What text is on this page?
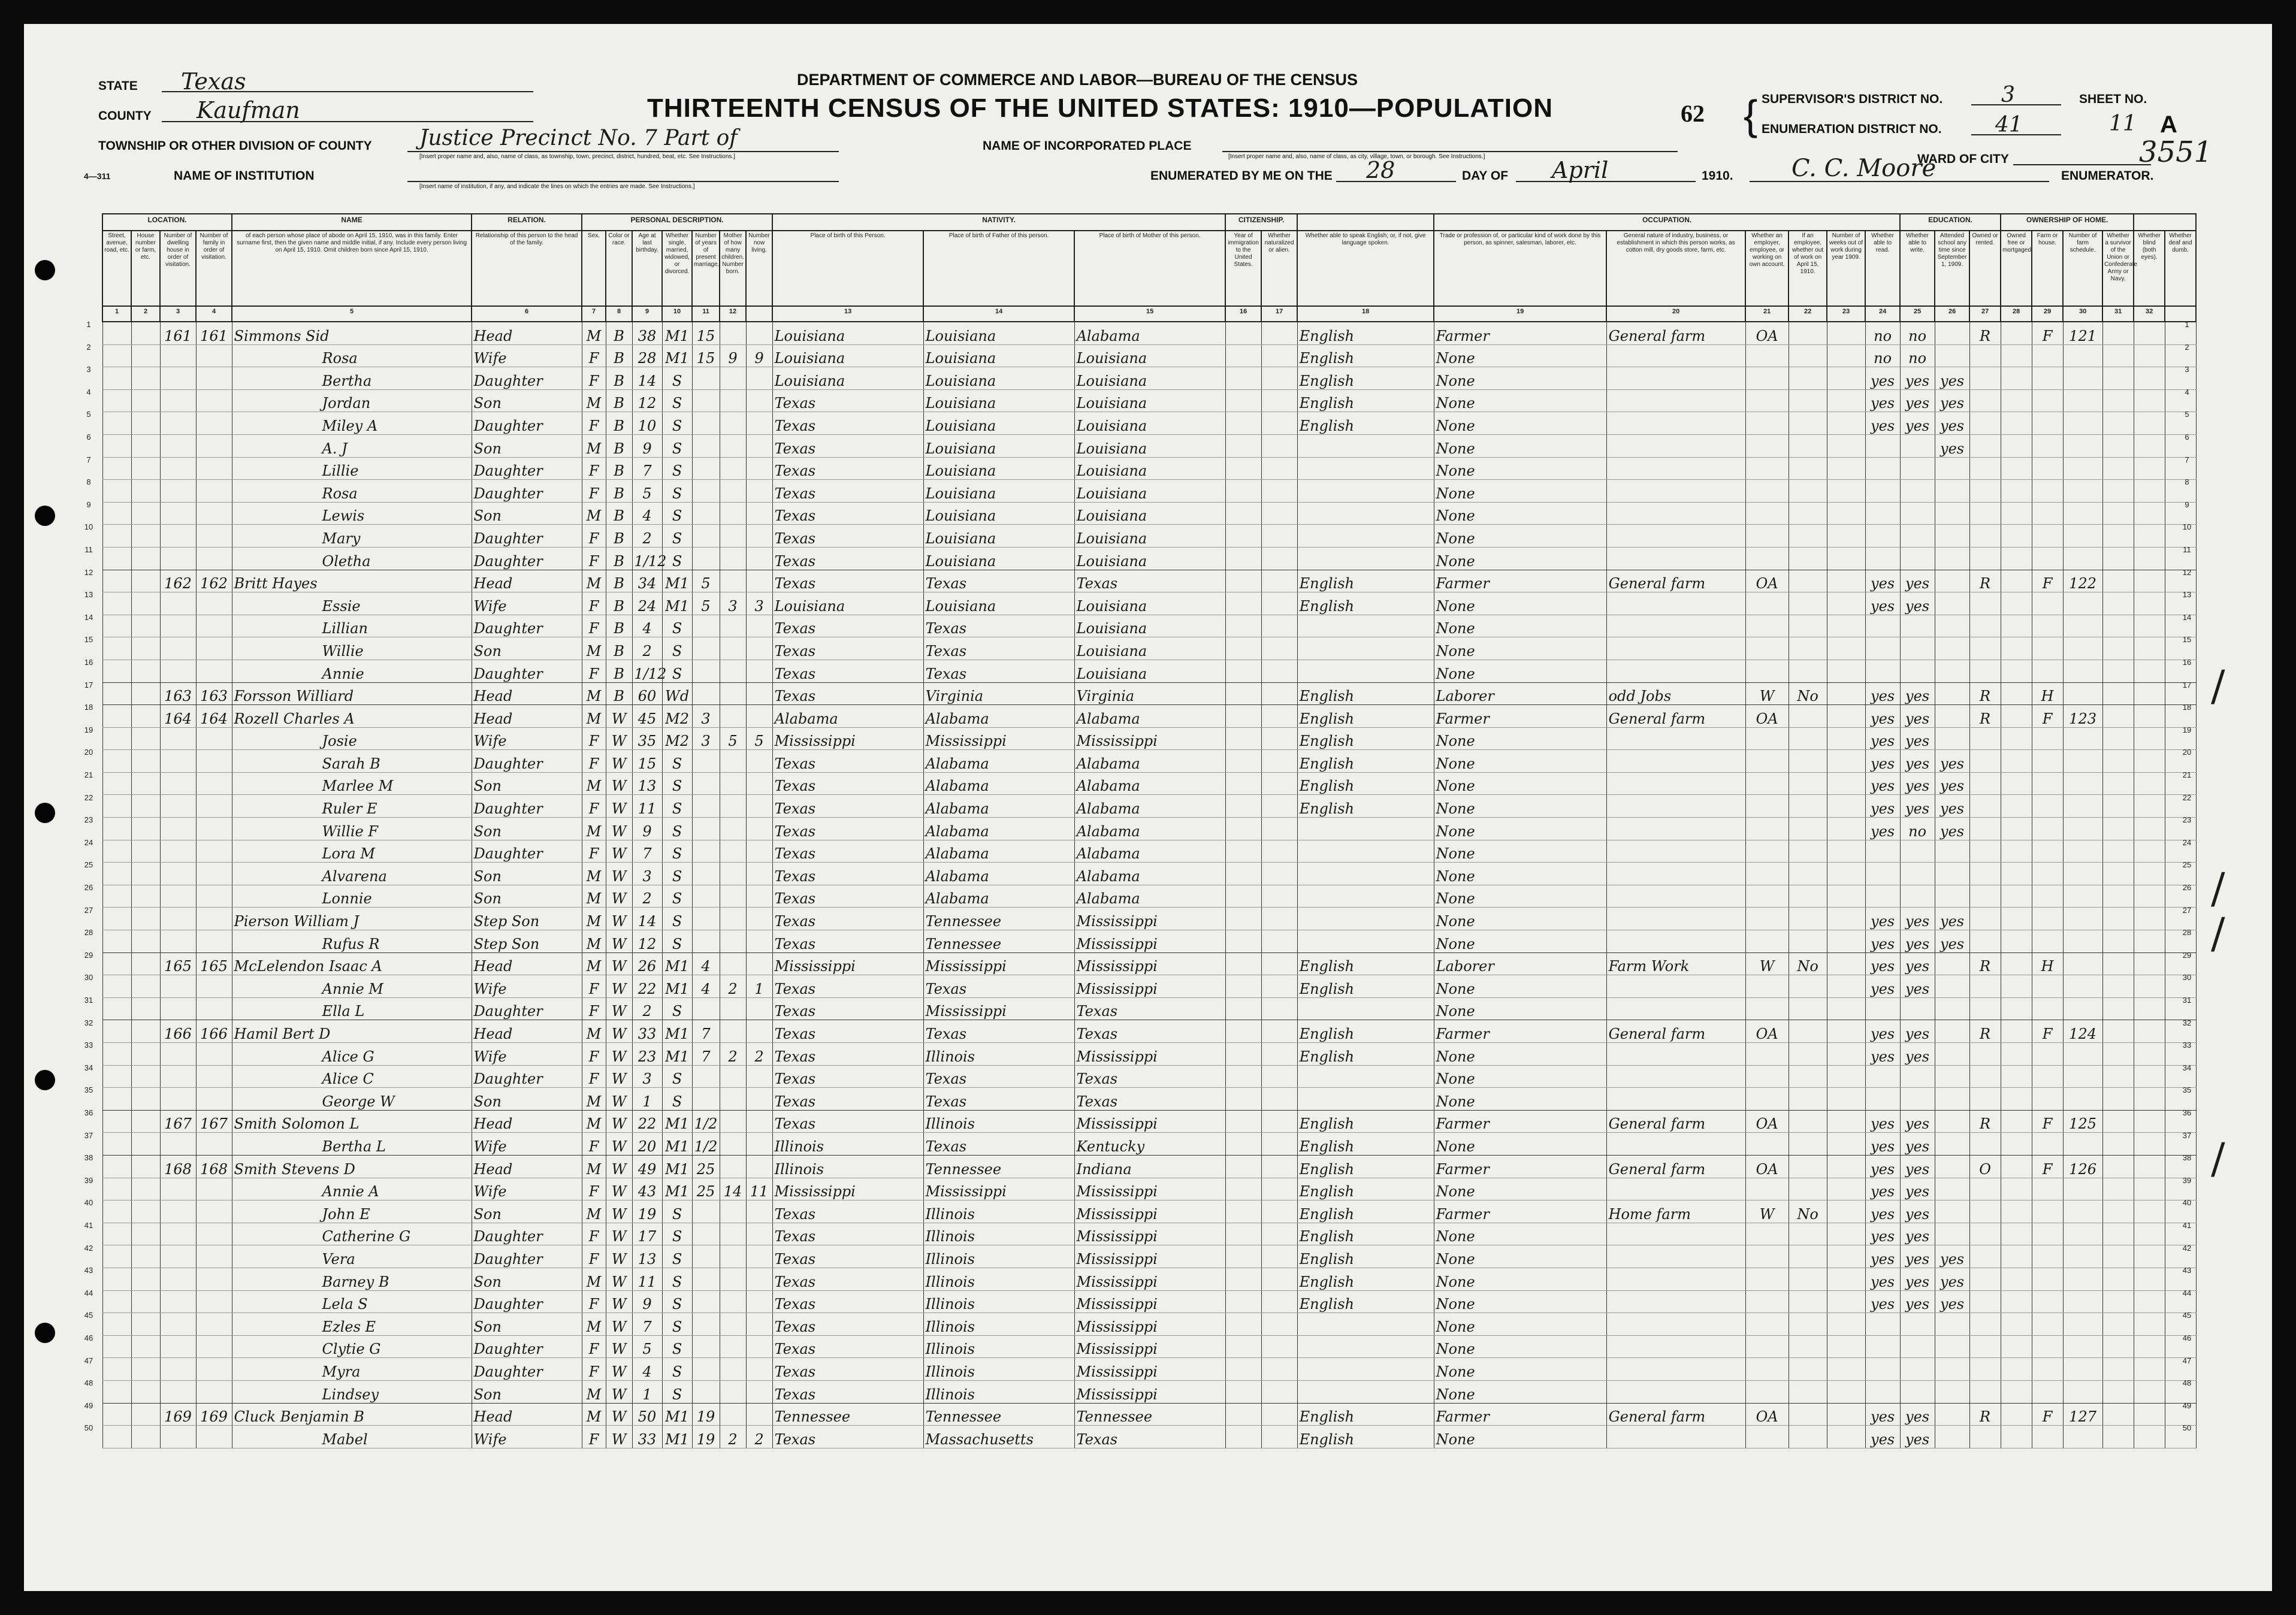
STATE Texas
COUNTY Kaufman
TOWNSHIP OR OTHER DIVISION OF COUNTY Justice Precinct No. 7 Part of
[Insert proper name and, also, name of class, as township, town, precinct, district, hundred, beat, etc. See Instructions.]
4—311	NAME OF INSTITUTION
[Insert name of institution, if any, and indicate the lines on which the entries are made. See Instructions.]
DEPARTMENT OF COMMERCE AND LABOR—BUREAU OF THE CENSUS
THIRTEENTH CENSUS OF THE UNITED STATES: 1910—POPULATION	62
NAME OF INCORPORATED PLACE
[Insert proper name and, also, name of class, as city, village, town, or borough. See Instructions.]
ENUMERATED BY ME ON THE 28	DAY OF April	1910. C. C. Moore	ENUMERATOR.
{ SUPERVISOR'S DISTRICT NO.	3
ENUMERATION DISTRICT NO. 41
WARD OF CITY
SHEET NO.
11 A
3551
LOCATION.				NAME	RELATION.	PERSONAL DESCRIPTION.							NATIVITY.			CITIZENSHIP.			OCCUPATION.						EDUCATION.			OWNERSHIP OF HOME.					
Street, avenue, road, etc.	House number or farm, etc.	Number of dwelling house in order of visitation.	Number of family in order of visitation.	of each person whose place of abode on April 15, 1910, was in this family. Enter surname first, then the given name and middle initial, if any. Include every person living on April 15, 1910. Omit children born since April 15, 1910.	Relationship of this person to the head of the family.	Sex.	Color or race.	Age at last birthday.	Whether single, married, widowed, or divorced.	Number of years of present marriage.	Mother of how many children. Number born.	Number now living.	Place of birth of this Person.	Place of birth of Father of this person.	Place of birth of Mother of this person.	Year of immigration to the United States.	Whether naturalized or alien.	Whether able to speak English; or, if not, give language spoken.	Trade or profession of, or particular kind of work done by this person, as spinner, salesman, laborer, etc.	General nature of industry, business, or establishment in which this person works, as cotton mill, dry goods store, farm, etc.	Whether an employer, employee, or working on own account.	If an employee, whether out of work on April 15, 1910.	Number of weeks out of work during year 1909.	Whether able to read.	Whether able to write.	Attended school any time since September 1, 1909.	Owned or rented.	Owned free or mortgaged.	Farm or house.	Number of farm schedule.	Whether a survivor of the Union or Confederate Army or Navy.	Whether blind (both eyes).	Whether deaf and dumb.
1	2	3	4	5	6	7	8	9	10	11	12		13	14	15	16	17	18	19	20	21	22	23	24	25	26	27	28	29	30	31	32	
		161	161	Simmons Sid	Head	M	B	38	M1	15			Louisiana	Louisiana	Alabama			English	Farmer	General farm	OA			no	no		R		F	121			
				Rosa	Wife	F	B	28	M1	15	9	9	Louisiana	Louisiana	Louisiana			English	None					no	no								
				Bertha	Daughter	F	B	14	S				Louisiana	Louisiana	Louisiana			English	None					yes	yes	yes							
				Jordan	Son	M	B	12	S				Texas	Louisiana	Louisiana			English	None					yes	yes	yes							
				Miley A	Daughter	F	B	10	S				Texas	Louisiana	Louisiana			English	None					yes	yes	yes							
				A. J	Son	M	B	9	S				Texas	Louisiana	Louisiana				None							yes							
				Lillie	Daughter	F	B	7	S				Texas	Louisiana	Louisiana				None														
				Rosa	Daughter	F	B	5	S				Texas	Louisiana	Louisiana				None														
				Lewis	Son	M	B	4	S				Texas	Louisiana	Louisiana				None														
				Mary	Daughter	F	B	2	S				Texas	Louisiana	Louisiana				None														
				Oletha	Daughter	F	B	1/12	S				Texas	Louisiana	Louisiana				None														
		162	162	Britt Hayes	Head	M	B	34	M1	5			Texas	Texas	Texas			English	Farmer	General farm	OA			yes	yes		R		F	122			
				Essie	Wife	F	B	24	M1	5	3	3	Louisiana	Louisiana	Louisiana			English	None					yes	yes								
				Lillian	Daughter	F	B	4	S				Texas	Texas	Louisiana				None														
				Willie	Son	M	B	2	S				Texas	Texas	Louisiana				None														
				Annie	Daughter	F	B	1/12	S				Texas	Texas	Louisiana				None														
		163	163	Forsson Williard	Head	M	B	60	Wd				Texas	Virginia	Virginia			English	Laborer	odd Jobs	W	No		yes	yes		R		H				
		164	164	Rozell Charles A	Head	M	W	45	M2	3			Alabama	Alabama	Alabama			English	Farmer	General farm	OA			yes	yes		R		F	123			
				Josie	Wife	F	W	35	M2	3	5	5	Mississippi	Mississippi	Mississippi			English	None					yes	yes								
				Sarah B	Daughter	F	W	15	S				Texas	Alabama	Alabama			English	None					yes	yes	yes							
				Marlee M	Son	M	W	13	S				Texas	Alabama	Alabama			English	None					yes	yes	yes							
				Ruler E	Daughter	F	W	11	S				Texas	Alabama	Alabama			English	None					yes	yes	yes							
				Willie F	Son	M	W	9	S				Texas	Alabama	Alabama				None					yes	no	yes							
				Lora M	Daughter	F	W	7	S				Texas	Alabama	Alabama				None														
				Alvarena	Son	M	W	3	S				Texas	Alabama	Alabama				None														
				Lonnie	Son	M	W	2	S				Texas	Alabama	Alabama				None														
				Pierson William J	Step Son	M	W	14	S				Texas	Tennessee	Mississippi				None					yes	yes	yes							
				Rufus R	Step Son	M	W	12	S				Texas	Tennessee	Mississippi				None					yes	yes	yes							
		165	165	McLelendon Isaac A	Head	M	W	26	M1	4			Mississippi	Mississippi	Mississippi			English	Laborer	Farm Work	W	No		yes	yes		R		H				
				Annie M	Wife	F	W	22	M1	4	2	1	Texas	Texas	Mississippi			English	None					yes	yes								
				Ella L	Daughter	F	W	2	S				Texas	Mississippi	Texas				None														
		166	166	Hamil Bert D	Head	M	W	33	M1	7			Texas	Texas	Texas			English	Farmer	General farm	OA			yes	yes		R		F	124			
				Alice G	Wife	F	W	23	M1	7	2	2	Texas	Illinois	Mississippi			English	None					yes	yes								
				Alice C	Daughter	F	W	3	S				Texas	Texas	Texas				None														
				George W	Son	M	W	1	S				Texas	Texas	Texas				None														
		167	167	Smith Solomon L	Head	M	W	22	M1	1/2			Texas	Illinois	Mississippi			English	Farmer	General farm	OA			yes	yes		R		F	125			
				Bertha L	Wife	F	W	20	M1	1/2			Illinois	Texas	Kentucky			English	None					yes	yes								
		168	168	Smith Stevens D	Head	M	W	49	M1	25			Illinois	Tennessee	Indiana			English	Farmer	General farm	OA			yes	yes		O		F	126			
				Annie A	Wife	F	W	43	M1	25	14	11	Mississippi	Mississippi	Mississippi			English	None					yes	yes								
				John E	Son	M	W	19	S				Texas	Illinois	Mississippi			English	Farmer	Home farm	W	No		yes	yes								
				Catherine G	Daughter	F	W	17	S				Texas	Illinois	Mississippi			English	None					yes	yes								
				Vera	Daughter	F	W	13	S				Texas	Illinois	Mississippi			English	None					yes	yes	yes							
				Barney B	Son	M	W	11	S				Texas	Illinois	Mississippi			English	None					yes	yes	yes							
				Lela S	Daughter	F	W	9	S				Texas	Illinois	Mississippi			English	None					yes	yes	yes							
				Ezles E	Son	M	W	7	S				Texas	Illinois	Mississippi				None														
				Clytie G	Daughter	F	W	5	S				Texas	Illinois	Mississippi				None														
				Myra	Daughter	F	W	4	S				Texas	Illinois	Mississippi				None														
				Lindsey	Son	M	W	1	S				Texas	Illinois	Mississippi				None														
		169	169	Cluck Benjamin B	Head	M	W	50	M1	19			Tennessee	Tennessee	Tennessee			English	Farmer	General farm	OA			yes	yes		R		F	127			
				Mabel	Wife	F	W	33	M1	19	2	2	Texas	Massachusetts	Texas			English	None					yes	yes								
1	1
2	2
3	3
4	4
5	5
6	6
7	7
8	8
9	9
10	10
11	11
12	12
13	13
14	14
15	15
16	16
17	17
18	18
19	19
20	20
21	21
22	22
23	23
24	24
25	25
26	26
27	27
28	28
29	29
30	30
31	31
32	32
33	33
34	34
35	35
36	36
37	37
38	38
39	39
40	40
41	41
42	42
43	43
44	44
45	45
46	46
47	47
48	48
49	49
50	50
/
/
/
/
